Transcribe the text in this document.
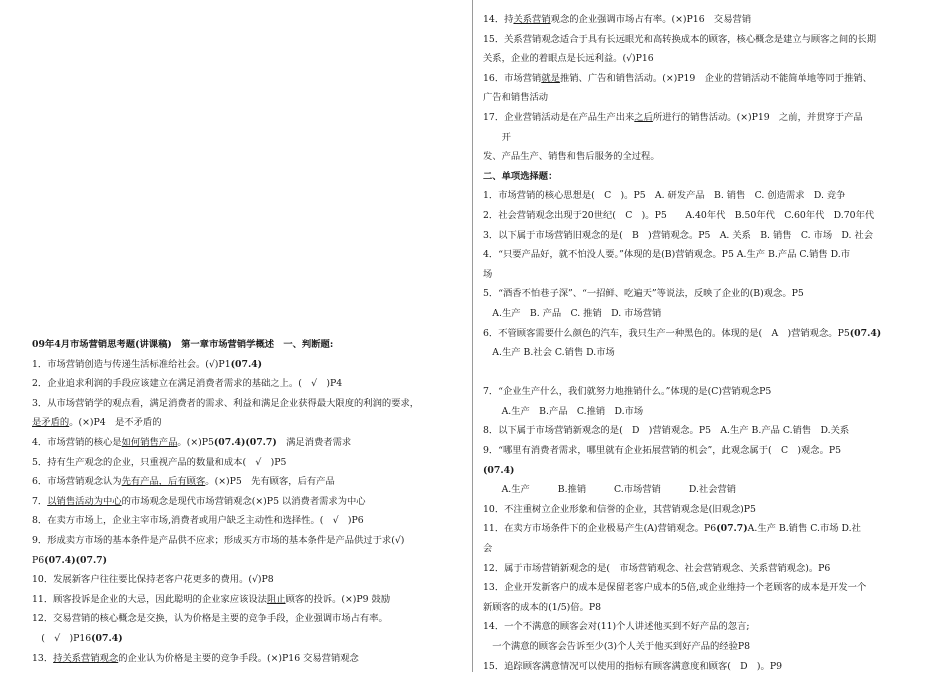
09年4月市场营销思考题(讲课稿)　第一章市场营销学概述　一、判断题:
1．市场营销创造与传递生活标准给社会。(√)P1(07.4)
2．企业追求利润的手段应该建立在满足消费者需求的基础之上。(　√　)P4
3．从市场营销学的观点看，满足消费者的需求、利益和满足企业获得最大限度的利润的要求，
是矛盾的。(×)P4　是不矛盾的
4．市场营销的核心是如何销售产品。(×)P5(07.4)(07.7)　满足消费者需求
5．持有生产观念的企业，只重视产品的数量和成本(　√　)P5
6．市场营销观念认为先有产品，后有顾客。(×)P5　先有顾客，后有产品
7．以销售活动为中心的市场观念是现代市场营销观念(×)P5 以消费者需求为中心
8．在卖方市场上，企业主宰市场,消费者或用户缺乏主动性和选择性。(　√　)P6
9．形成卖方市场的基本条件是产品供不应求；形成买方市场的基本条件是产品供过于求(√)
P6(07.4)(07.7)
10．发展新客户往往要比保持老客户花更多的费用。(√)P8
11．顾客投诉是企业的大忌，因此聪明的企业家应该设法阻止顾客的投诉。(×)P9 鼓励
12．交易营销的核心概念是交换，认为价格是主要的竞争手段，企业强调市场占有率。
　(　√　)P16(07.4)
13．持关系营销观念的企业认为价格是主要的竞争手段。(×)P16 交易营销观念
14．持关系营销观念的企业强调市场占有率。(×)P16　交易营销
15．关系营销观念适合于具有长远眼光和高转换成本的顾客，核心概念是建立与顾客之间的长期
关系，企业的着眼点是长远利益。(√)P16
16．市场营销就是推销、广告和销售活动。(×)P19　企业的营销活动不能简单地等同于推销、
广告和销售活动
17．企业营销活动是在产品生产出来之后所进行的销售活动。(×)P19　之前，并贯穿于产品
　　开
发、产品生产、销售和售后服务的全过程。
二、单项选择题：
1．市场营销的核心思想是(　C　)。P5　A. 研发产品　B. 销售　C. 创造需求　D. 竞争
2．社会营销观念出现于20世纪(　C　)。P5　　A.40年代　B.50年代　C.60年代　D.70年代
3．以下属于市场营销旧观念的是(　B　)营销观念。P5　A. 关系　B. 销售　C. 市场　D. 社会
4．“只要产品好，就不怕没人要。”体现的是(B)营销观念。P5 A.生产 B.产品 C.销售 D.市
场
5．“酒香不怕巷子深”、“一招鲜、吃遍天”等说法，反映了企业的(B)观念。P5
　A.生产　B. 产品　C. 推销　D. 市场营销
6．不管顾客需要什么颜色的汽车，我只生产一种黑色的。体现的是(　A　)营销观念。P5(07.4)
　A.生产 B.社会 C.销售 D.市场

7．“企业生产什么，我们就努力地推销什么。”体现的是(C)营销观念P5
　　A.生产　B.产品　C.推销　D.市场
8．以下属于市场营销新观念的是(　D　)营销观念。P5　A.生产 B.产品 C.销售　D.关系
9．“哪里有消费者需求，哪里就有企业拓展营销的机会”，此观念属于(　C　)观念。P5
(07.4)
　　A.生产　　　B.推销　　　C.市场营销　　　D.社会营销
10．不注重树立企业形象和信誉的企业，其营销观念是(旧观念)P5
11．在卖方市场条件下的企业极易产生(A)营销观念。P6(07.7)A.生产 B.销售 C.市场 D.社
会
12．属于市场营销新观念的是(　市场营销观念、社会营销观念、关系营销观念)。P6
13．企业开发新客户的成本是保留老客户成本的5倍,或企业维持一个老顾客的成本是开发一个
新顾客的成本的(1/5)倍。P8
14．一个不满意的顾客会对(11)个人讲述他买到不好产品的忽言;
　一个满意的顾客会告诉至少(3)个人关于他买到好产品的经验P8
15．追踪顾客满意情况可以使用的指标有顾客满意度和顾客(　D　)。P9
